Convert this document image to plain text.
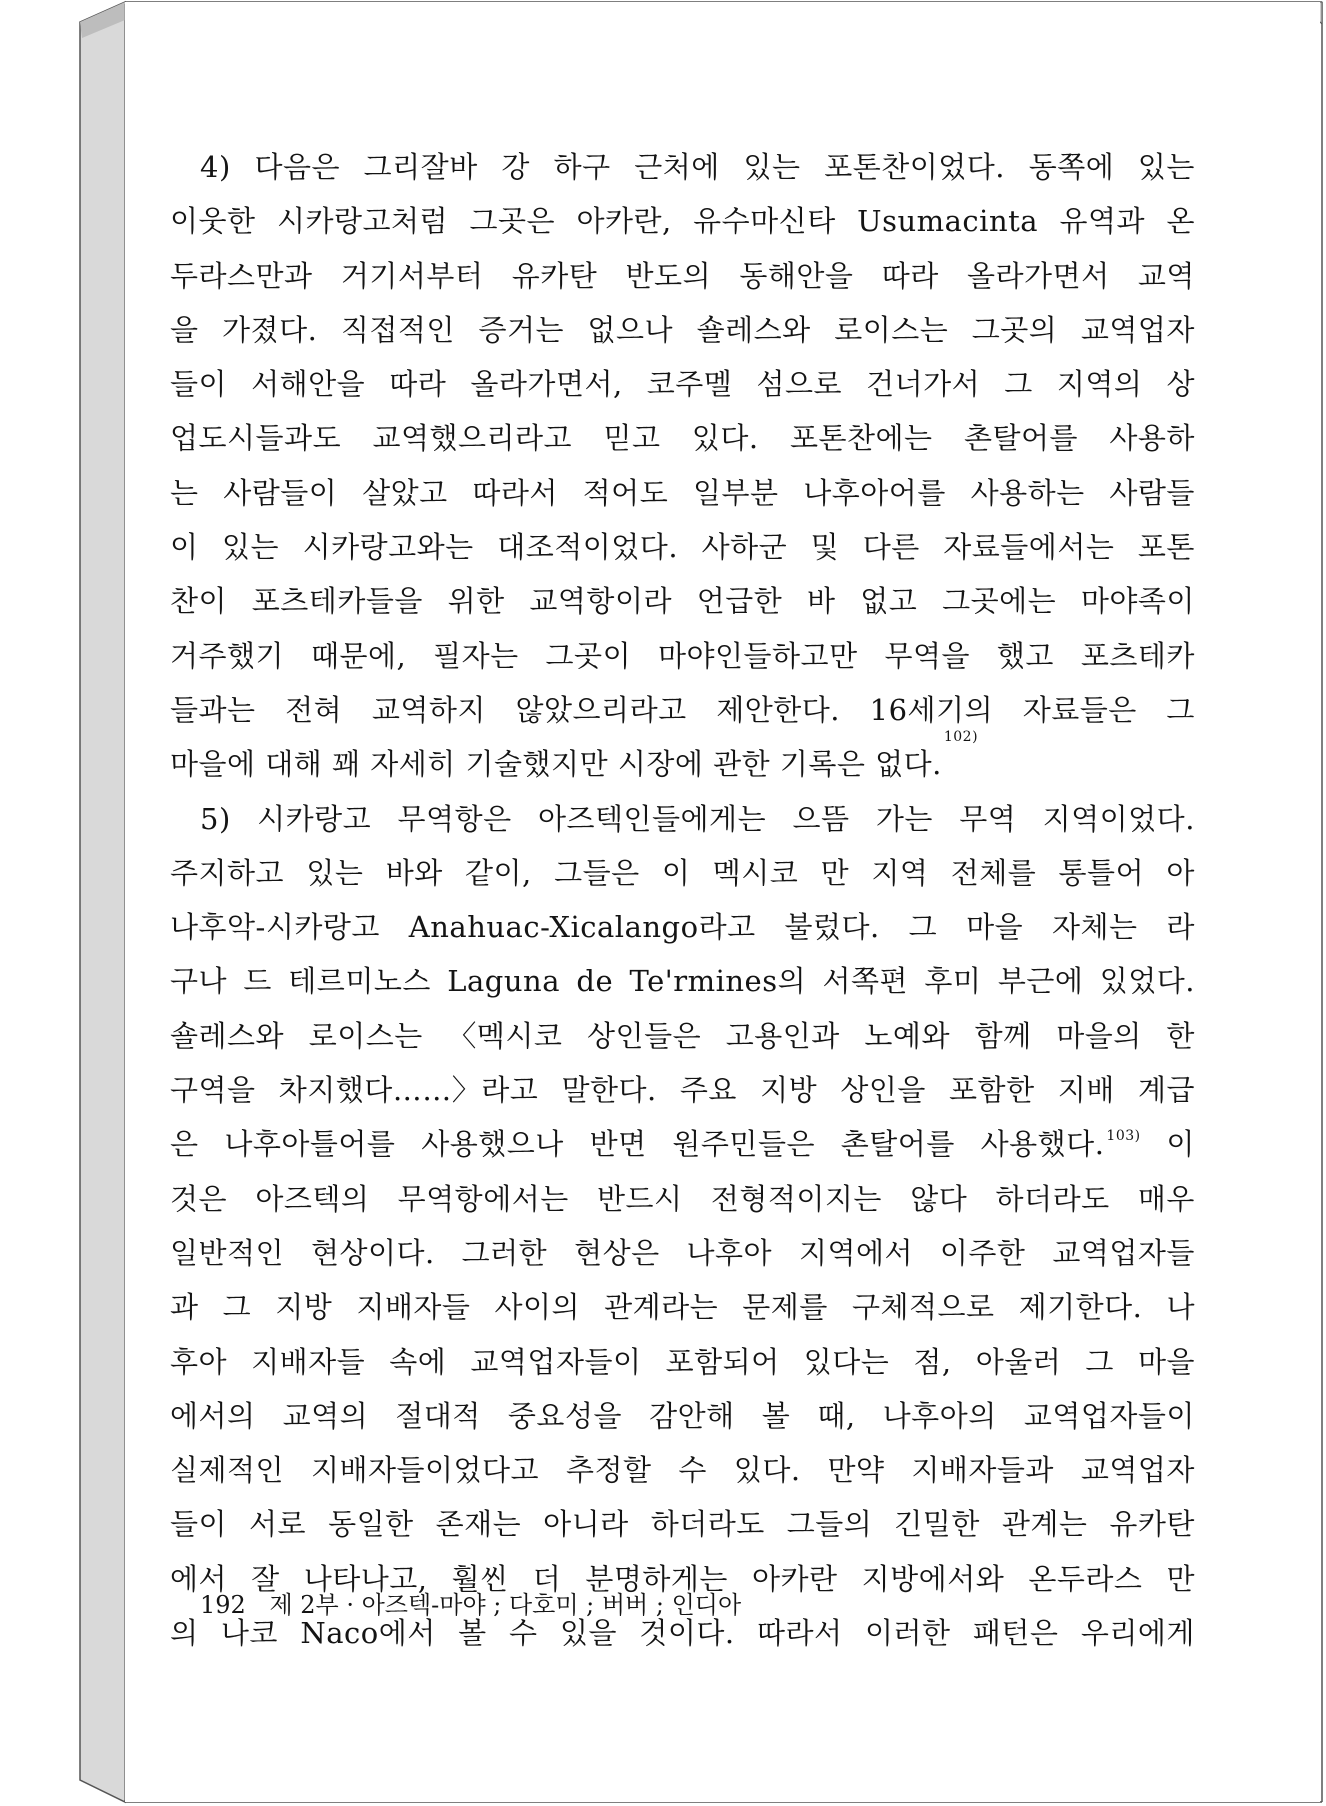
4) 다음은 그리잘바 강 하구 근처에 있는 포톤찬이었다. 동쪽에 있는
이웃한 시카랑고처럼 그곳은 아카란, 유수마신타 Usumacinta 유역과 온
두라스만과 거기서부터 유카탄 반도의 동해안을 따라 올라가면서 교역
을 가졌다. 직접적인 증거는 없으나 숄레스와 로이스는 그곳의 교역업자
들이 서해안을 따라 올라가면서, 코주멜 섬으로 건너가서 그 지역의 상
업도시들과도 교역했으리라고 믿고 있다. 포톤찬에는 촌탈어를 사용하
는 사람들이 살았고 따라서 적어도 일부분 나후아어를 사용하는 사람들
이 있는 시카랑고와는 대조적이었다. 사하군 및 다른 자료들에서는 포톤
찬이 포츠테카들을 위한 교역항이라 언급한 바 없고 그곳에는 마야족이
거주했기 때문에, 필자는 그곳이 마야인들하고만 무역을 했고 포츠테카
들과는 전혀 교역하지 않았으리라고 제안한다. 16세기의 자료들은 그
마을에
대해
꽤
자세히
기술했지만
시장에
관한
기록은
없다.
102)
5) 시카랑고 무역항은 아즈텍인들에게는 으뜸 가는 무역 지역이었다.
주지하고 있는 바와 같이, 그들은 이 멕시코 만 지역 전체를 통틀어 아
나후악-시카랑고 Anahuac-Xicalango라고 불렀다. 그 마을 자체는 라
구나 드 테르미노스 Laguna de Te'rmines의 서쪽편 후미 부근에 있었다.
숄레스와 로이스는 〈멕시코 상인들은 고용인과 노예와 함께 마을의 한
구역을 차지했다……〉라고 말한다. 주요 지방 상인을 포함한 지배 계급
은 나후아틀어를 사용했으나 반면 원주민들은 촌탈어를 사용했다. $^{103)}$ 이
것은 아즈텍의 무역항에서는 반드시 전형적이지는 않다 하더라도 매우
일반적인 현상이다. 그러한 현상은 나후아 지역에서 이주한 교역업자들
과 그 지방 지배자들 사이의 관계라는 문제를 구체적으로 제기한다. 나
후아 지배자들 속에 교역업자들이 포함되어 있다는 점, 아울러 그 마을
에서의 교역의 절대적 중요성을 감안해 볼 때, 나후아의 교역업자들이
실제적인 지배자들이었다고 추정할 수 있다. 만약 지배자들과 교역업자
들이 서로 동일한 존재는 아니라 하더라도 그들의 긴밀한 관계는 유카탄
에서 잘 나타나고, 훨씬 더 분명하게는 아카란 지방에서와 온두라스 만
의 나코 Naco에서 볼 수 있을 것이다. 따라서 이러한 패턴은 우리에게
192 제 2부 · 아즈텍-마야 ; 다호미 ; 버버 ; 인디아
